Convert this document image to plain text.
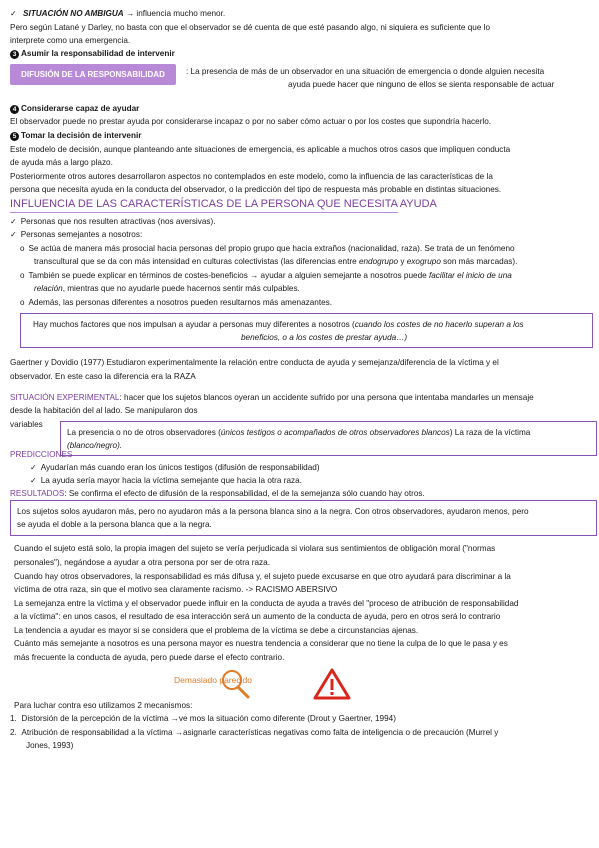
✓ SITUACIÓN NO AMBIGUA → influencia mucho menor.
Pero según Latané y Darley, no basta con que el observador se dé cuenta de que esté pasando algo, ni siquiera es suficiente que lo
interprete como una emergencia.
3 Asumir la responsabilidad de intervenir
DIFUSIÓN DE LA RESPONSABILIDAD	: La presencia de más de un observador en una situación de emergencia o donde alguien necesita
ayuda puede hacer que ninguno de ellos se sienta responsable de actuar
4 Considerarse capaz de ayudar
El observador puede no prestar ayuda por considerarse incapaz o por no saber cómo actuar o por los costes que supondría hacerlo.
5 Tomar la decisión de intervenir
Este modelo de decisión, aunque planteando ante situaciones de emergencia, es aplicable a muchos otros casos que impliquen conducta
de ayuda más a largo plazo.
Posteriormente otros autores desarrollaron aspectos no contemplados en este modelo, como la influencia de las características de la
persona que necesita ayuda en la conducta del observador, o la predicción del tipo de respuesta más probable en distintas situaciones.
INFLUENCIA DE LAS CARACTERÍSTICAS DE LA PERSONA QUE NECESITA AYUDA
✓ Personas que nos resulten atractivas (nos aversivas).
✓ Personas semejantes a nosotros:
o Se actúa de manera más prosocial hacia personas del propio grupo que hacia extraños (nacionalidad, raza). Se trata de un fenómeno
transcultural que se da con más intensidad en culturas colectivistas (las diferencias entre endogrupo y exogrupo son más marcadas).
o También se puede explicar en términos de costes-beneficios → ayudar a alguien semejante a nosotros puede facilitar el inicio de una
relación, mientras que no ayudarle puede hacernos sentir más culpables.
o Además, las personas diferentes a nosotros pueden resultarnos más amenazantes.
Hay muchos factores que nos impulsan a ayudar a personas muy diferentes a nosotros (cuando los costes de no hacerlo superan a los
beneficios, o a los costes de prestar ayuda…)
Gaertner y Dovidio (1977) Estudiaron experimentalmente la relación entre conducta de ayuda y semejanza/diferencia de la víctima y el
observador. En este caso la diferencia era la RAZA
SITUACIÓN EXPERIMENTAL: hacer que los sujetos blancos oyeran un accidente sufrido por una persona que intentaba mandarles un mensaje
desde la habitación del al lado. Se manipularon dos
variables
La presencia o no de otros observadores (únicos testigos o acompañados de otros observadores blancos) La raza de la víctima
(blanco/negro).
PREDICCIONES
✓ Ayudarían más cuando eran los únicos testigos (difusión de responsabilidad)
✓ La ayuda sería mayor hacia la víctima semejante que hacia la otra raza.
RESULTADOS: Se confirma el efecto de difusión de la responsabilidad, el de la semejanza sólo cuando hay otros.
Los sujetos solos ayudaron más, pero no ayudaron más a la persona blanca sino a la negra. Con otros observadores, ayudaron menos, pero
se ayuda el doble a la persona blanca que a la negra.
Cuando el sujeto está solo, la propia imagen del sujeto se vería perjudicada si violara sus sentimientos de obligación moral ("normas
personales"), negándose a ayudar a otra persona por ser de otra raza.
Cuando hay otros observadores, la responsabilidad es más difusa y, el sujeto puede excusarse en que otro ayudará para discriminar a la
víctima de otra raza, sin que el motivo sea claramente racismo. -> RACISMO ABERSIVO
La semejanza entre la víctima y el observador puede influir en la conducta de ayuda a través del "proceso de atribución de responsabilidad
a la víctima": en unos casos, el resultado de esa interacción será un aumento de la conducta de ayuda, pero en otros será lo contrario
La tendencia a ayudar es mayor si se considera que el problema de la víctima se debe a circunstancias ajenas.
Cuánto más semejante a nosotros es una persona mayor es nuestra tendencia a considerar que no tiene la culpa de lo que le pasa y es
más frecuente la conducta de ayuda, pero puede darse el efecto contrario.
Demasiado parecido
Para luchar contra eso utilizamos 2 mecanismos:
1. Distorsión de la percepción de la víctima →ve mos la situación como diferente (Drout y Gaertner, 1994)
2. Atribución de responsabilidad a la víctima →asignarle características negativas como falta de inteligencia o de precaución (Murrel y
Jones, 1993)
